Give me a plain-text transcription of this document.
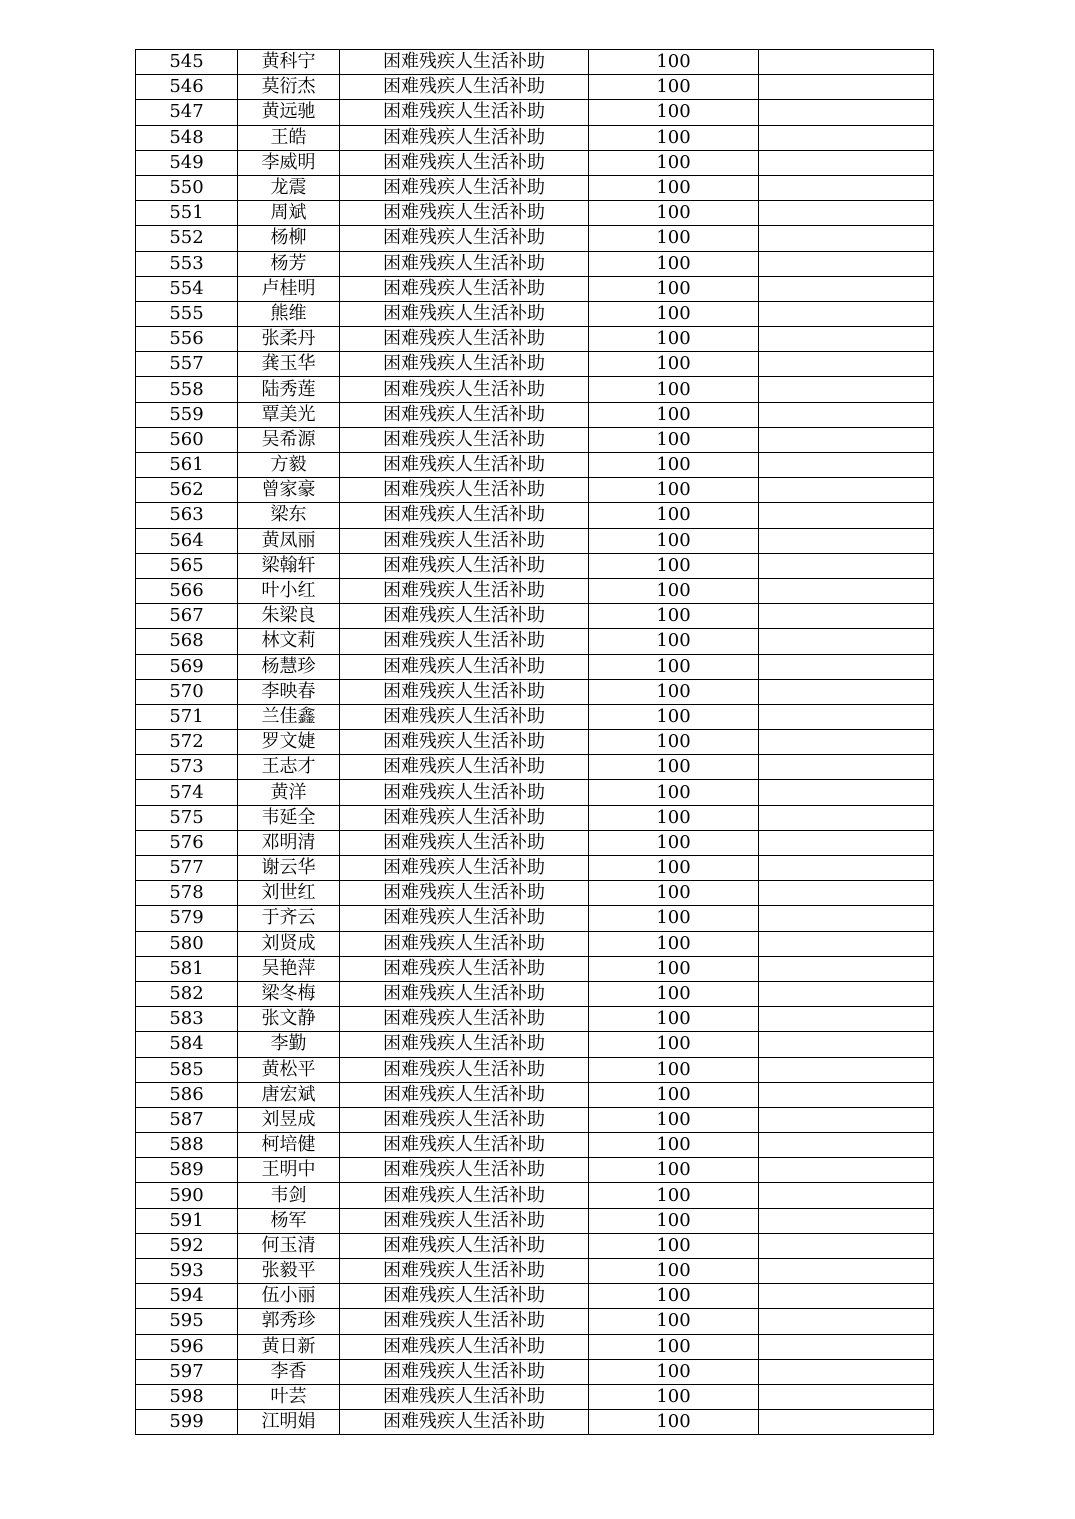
545	黄科宁	困难残疾人生活补助	100	
546	莫衍杰	困难残疾人生活补助	100	
547	黄远驰	困难残疾人生活补助	100	
548	王皓	困难残疾人生活补助	100	
549	李威明	困难残疾人生活补助	100	
550	龙震	困难残疾人生活补助	100	
551	周斌	困难残疾人生活补助	100	
552	杨柳	困难残疾人生活补助	100	
553	杨芳	困难残疾人生活补助	100	
554	卢桂明	困难残疾人生活补助	100	
555	熊维	困难残疾人生活补助	100	
556	张柔丹	困难残疾人生活补助	100	
557	龚玉华	困难残疾人生活补助	100	
558	陆秀莲	困难残疾人生活补助	100	
559	覃美光	困难残疾人生活补助	100	
560	吴希源	困难残疾人生活补助	100	
561	方毅	困难残疾人生活补助	100	
562	曾家豪	困难残疾人生活补助	100	
563	梁东	困难残疾人生活补助	100	
564	黄凤丽	困难残疾人生活补助	100	
565	梁翰轩	困难残疾人生活补助	100	
566	叶小红	困难残疾人生活补助	100	
567	朱梁良	困难残疾人生活补助	100	
568	林文莉	困难残疾人生活补助	100	
569	杨慧珍	困难残疾人生活补助	100	
570	李映春	困难残疾人生活补助	100	
571	兰佳鑫	困难残疾人生活补助	100	
572	罗文婕	困难残疾人生活补助	100	
573	王志才	困难残疾人生活补助	100	
574	黄洋	困难残疾人生活补助	100	
575	韦延全	困难残疾人生活补助	100	
576	邓明清	困难残疾人生活补助	100	
577	谢云华	困难残疾人生活补助	100	
578	刘世红	困难残疾人生活补助	100	
579	于齐云	困难残疾人生活补助	100	
580	刘贤成	困难残疾人生活补助	100	
581	吴艳萍	困难残疾人生活补助	100	
582	梁冬梅	困难残疾人生活补助	100	
583	张文静	困难残疾人生活补助	100	
584	李勤	困难残疾人生活补助	100	
585	黄松平	困难残疾人生活补助	100	
586	唐宏斌	困难残疾人生活补助	100	
587	刘昱成	困难残疾人生活补助	100	
588	柯培健	困难残疾人生活补助	100	
589	王明中	困难残疾人生活补助	100	
590	韦剑	困难残疾人生活补助	100	
591	杨军	困难残疾人生活补助	100	
592	何玉清	困难残疾人生活补助	100	
593	张毅平	困难残疾人生活补助	100	
594	伍小丽	困难残疾人生活补助	100	
595	郭秀珍	困难残疾人生活补助	100	
596	黄日新	困难残疾人生活补助	100	
597	李香	困难残疾人生活补助	100	
598	叶芸	困难残疾人生活补助	100	
599	江明娟	困难残疾人生活补助	100	
